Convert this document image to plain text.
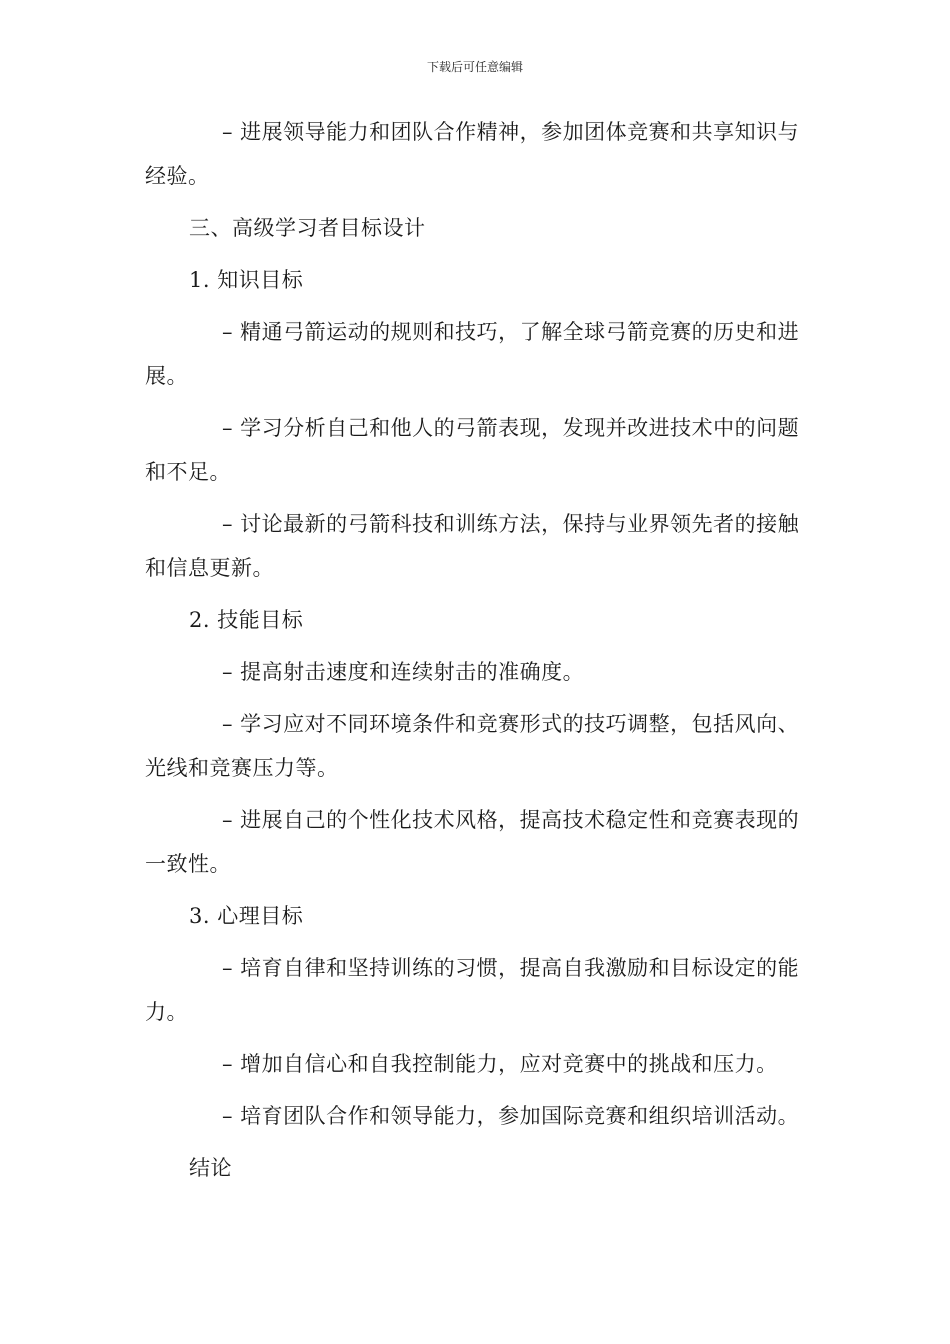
下载后可任意编辑

– 进展领导能力和团队合作精神，参加团体竞赛和共享知识与经验。

三、高级学习者目标设计

1. 知识目标

– 精通弓箭运动的规则和技巧，了解全球弓箭竞赛的历史和进展。

– 学习分析自己和他人的弓箭表现，发现并改进技术中的问题和不足。

– 讨论最新的弓箭科技和训练方法，保持与业界领先者的接触和信息更新。

2. 技能目标

– 提高射击速度和连续射击的准确度。

– 学习应对不同环境条件和竞赛形式的技巧调整，包括风向、光线和竞赛压力等。

– 进展自己的个性化技术风格，提高技术稳定性和竞赛表现的一致性。

3. 心理目标

– 培育自律和坚持训练的习惯，提高自我激励和目标设定的能力。

– 增加自信心和自我控制能力，应对竞赛中的挑战和压力。

– 培育团队合作和领导能力，参加国际竞赛和组织培训活动。

结论
